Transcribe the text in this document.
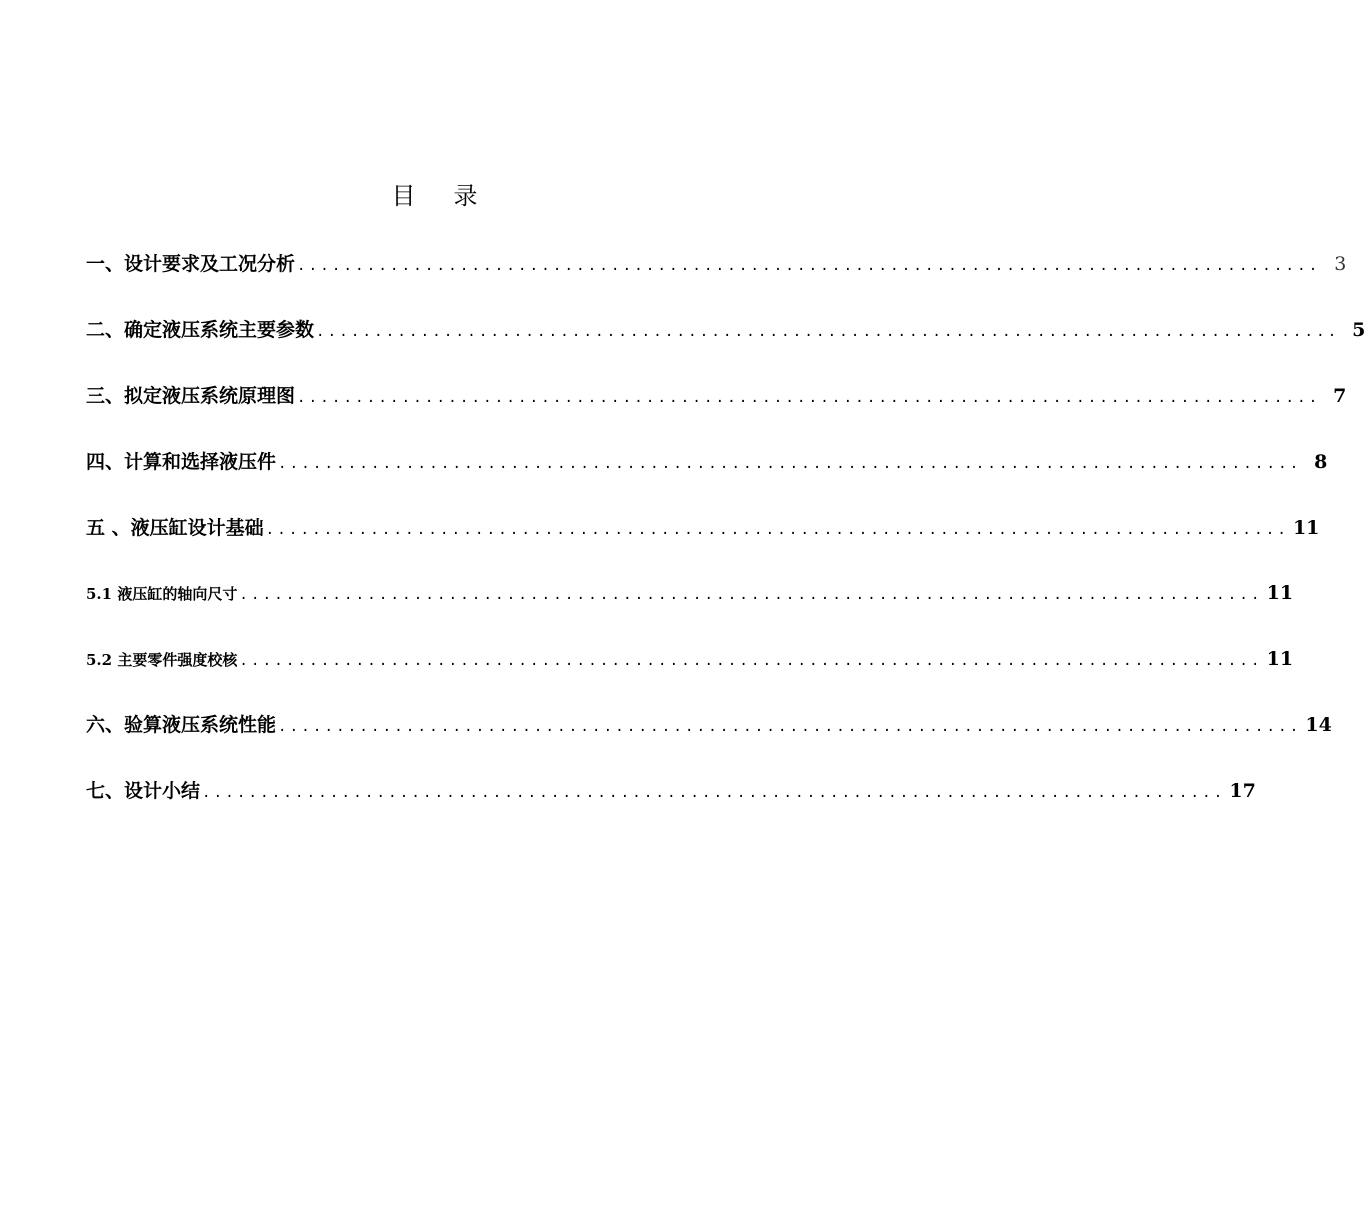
目 录
一、设计要求及工况分析 ........................................................................................ 3
二、确定液压系统主要参数 ........................................................................................ 5
三、拟定液压系统原理图 ........................................................................................ 7
四、计算和选择液压件 ........................................................................................ 8
五 、液压缸设计基础 ........................................................................................ 11
5.1 液压缸的轴向尺寸 ........................................................................................ 11
5.2 主要零件强度校核 ........................................................................................ 11
六、验算液压系统性能 ........................................................................................ 14
七、设计小结 ........................................................................................ 17
